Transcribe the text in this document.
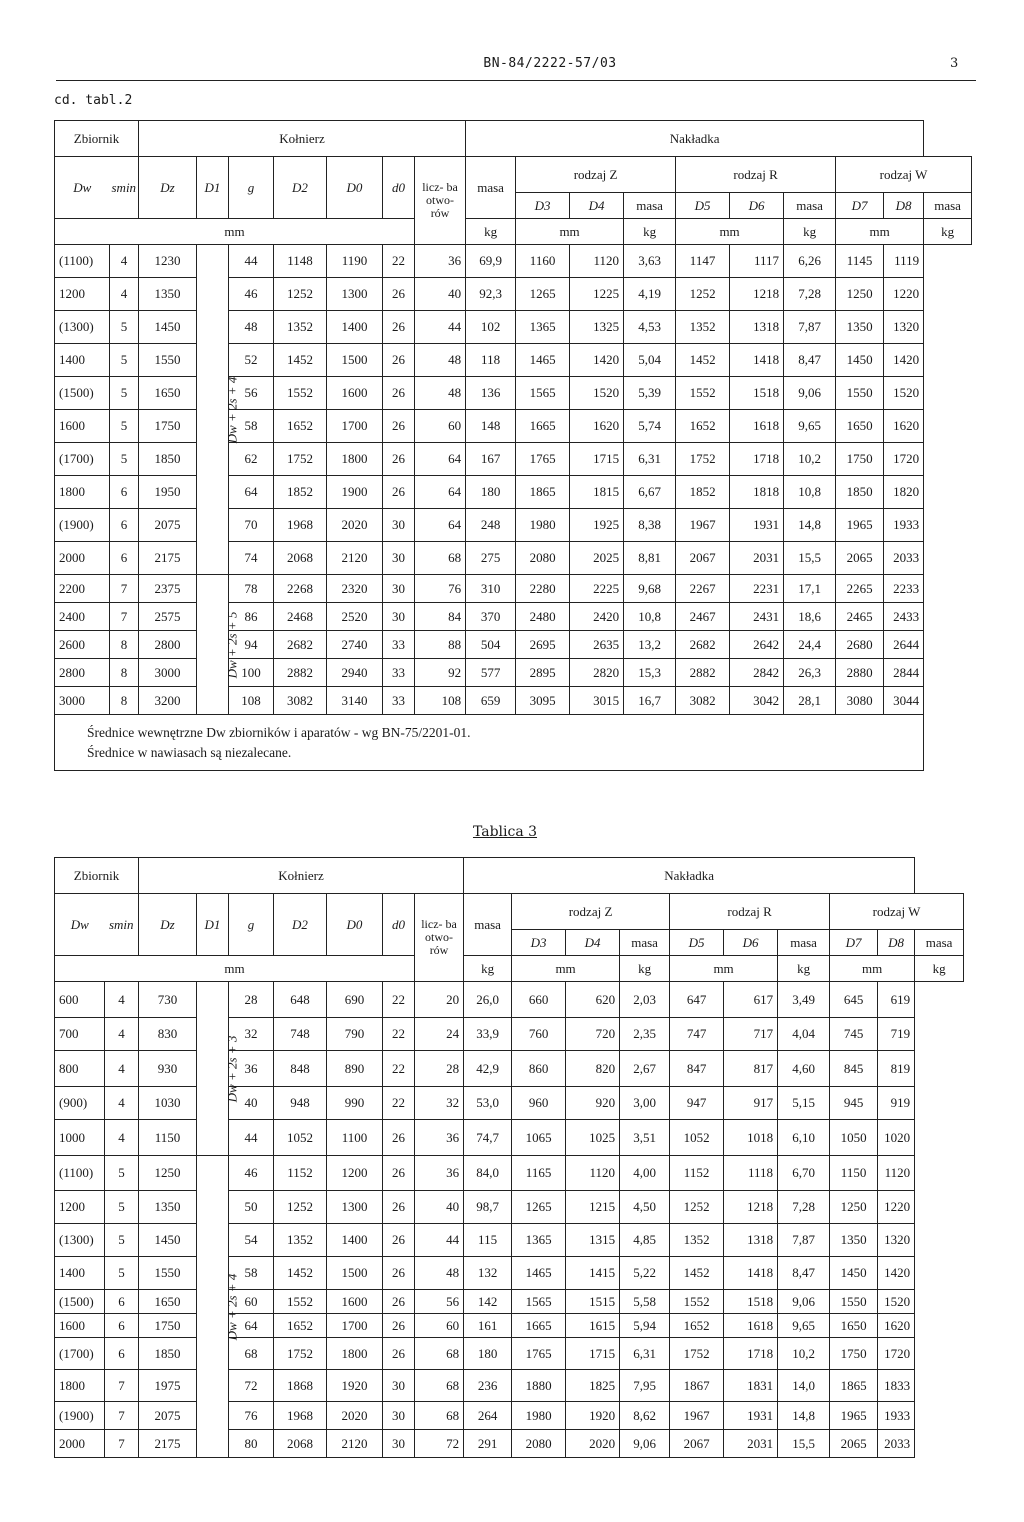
BN-84/2222-57/03	3
cd. tabl.2
Zbiornik		Kołnierz							Nakładka									
Dw	smin	Dz	D1	g	D2	D0	d0	licz- ba otwo- rów	masa	rodzaj Z			rodzaj R			rodzaj W		
										D3	D4	masa	D5	D6	masa	D7	D8	masa
mm									kg	mm		kg	mm		kg	mm		kg
(1100)	4	1230	Dw + 2s + 4	44	1148	1190	22	36	69,9	1160	1120	3,63	1147	1117	6,26	1145	1119	
1200	4	1350		46	1252	1300	26	40	92,3	1265	1225	4,19	1252	1218	7,28	1250	1220	
(1300)	5	1450		48	1352	1400	26	44	102	1365	1325	4,53	1352	1318	7,87	1350	1320	
1400	5	1550		52	1452	1500	26	48	118	1465	1420	5,04	1452	1418	8,47	1450	1420	
(1500)	5	1650		56	1552	1600	26	48	136	1565	1520	5,39	1552	1518	9,06	1550	1520	
1600	5	1750		58	1652	1700	26	60	148	1665	1620	5,74	1652	1618	9,65	1650	1620	
(1700)	5	1850		62	1752	1800	26	64	167	1765	1715	6,31	1752	1718	10,2	1750	1720	
1800	6	1950		64	1852	1900	26	64	180	1865	1815	6,67	1852	1818	10,8	1850	1820	
(1900)	6	2075		70	1968	2020	30	64	248	1980	1925	8,38	1967	1931	14,8	1965	1933	
2000	6	2175		74	2068	2120	30	68	275	2080	2025	8,81	2067	2031	15,5	2065	2033	
2200	7	2375	Dw + 2s + 5	78	2268	2320	30	76	310	2280	2225	9,68	2267	2231	17,1	2265	2233	
2400	7	2575		86	2468	2520	30	84	370	2480	2420	10,8	2467	2431	18,6	2465	2433	
2600	8	2800		94	2682	2740	33	88	504	2695	2635	13,2	2682	2642	24,4	2680	2644	
2800	8	3000		100	2882	2940	33	92	577	2895	2820	15,3	2882	2842	26,3	2880	2844	
3000	8	3200		108	3082	3140	33	108	659	3095	3015	16,7	3082	3042	28,1	3080	3044	

Średnice wewnętrzne Dw zbiorników i aparatów - wg BN-75/2201-01.
Średnice w nawiasach są niezalecane.																		
Tablica 3
Zbiornik		Kołnierz							Nakładka									
Dw	smin	Dz	D1	g	D2	D0	d0	licz- ba otwo- rów	masa	rodzaj Z			rodzaj R			rodzaj W		
										D3	D4	masa	D5	D6	masa	D7	D8	masa
mm									kg	mm		kg	mm		kg	mm		kg
600	4	730	Dw + 2s + 3	28	648	690	22	20	26,0	660	620	2,03	647	617	3,49	645	619	
700	4	830		32	748	790	22	24	33,9	760	720	2,35	747	717	4,04	745	719	
800	4	930		36	848	890	22	28	42,9	860	820	2,67	847	817	4,60	845	819	
(900)	4	1030		40	948	990	22	32	53,0	960	920	3,00	947	917	5,15	945	919	
1000	4	1150		44	1052	1100	26	36	74,7	1065	1025	3,51	1052	1018	6,10	1050	1020	
(1100)	5	1250	Dw + 2s + 4	46	1152	1200	26	36	84,0	1165	1120	4,00	1152	1118	6,70	1150	1120	
1200	5	1350		50	1252	1300	26	40	98,7	1265	1215	4,50	1252	1218	7,28	1250	1220	
(1300)	5	1450		54	1352	1400	26	44	115	1365	1315	4,85	1352	1318	7,87	1350	1320	
1400	5	1550		58	1452	1500	26	48	132	1465	1415	5,22	1452	1418	8,47	1450	1420	
(1500)	6	1650		60	1552	1600	26	56	142	1565	1515	5,58	1552	1518	9,06	1550	1520	
1600	6	1750		64	1652	1700	26	60	161	1665	1615	5,94	1652	1618	9,65	1650	1620	
(1700)	6	1850		68	1752	1800	26	68	180	1765	1715	6,31	1752	1718	10,2	1750	1720	
1800	7	1975		72	1868	1920	30	68	236	1880	1825	7,95	1867	1831	14,0	1865	1833	
(1900)	7	2075		76	1968	2020	30	68	264	1980	1920	8,62	1967	1931	14,8	1965	1933	
2000	7	2175		80	2068	2120	30	72	291	2080	2020	9,06	2067	2031	15,5	2065	2033	
